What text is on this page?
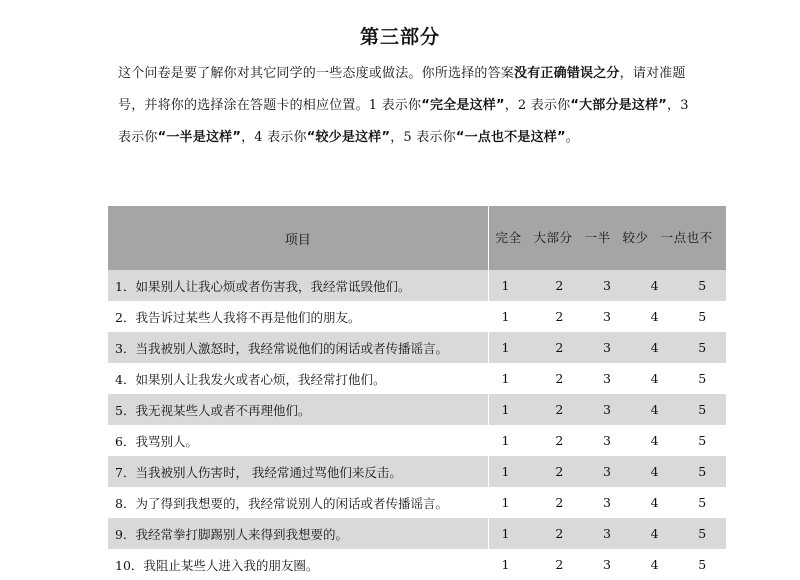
第三部分
这个问卷是要了解你对其它同学的一些态度或做法。你所选择的答案没有正确错误之分，请对准题号，并将你的选择涂在答题卡的相应位置。1 表示你“完全是这样”，2 表示你“大部分是这样”，3 表示你“一半是这样”，4 表示你“较少是这样”，5 表示你“一点也不是这样”。
项目	完全 大部分 一半 较少 一点也不				
1．如果别人让我心烦或者伤害我，我经常诋毁他们。	1	2	3	4	5
2．我告诉过某些人我将不再是他们的朋友。	1	2	3	4	5
3．当我被别人激怒时，我经常说他们的闲话或者传播谣言。	1	2	3	4	5
4．如果别人让我发火或者心烦，我经常打他们。	1	2	3	4	5
5．我无视某些人或者不再理他们。	1	2	3	4	5
6．我骂别人。	1	2	3	4	5
7．当我被别人伤害时， 我经常通过骂他们来反击。	1	2	3	4	5
8．为了得到我想要的，我经常说别人的闲话或者传播谣言。	1	2	3	4	5
9．我经常拳打脚踢别人来得到我想要的。	1	2	3	4	5
10．我阻止某些人进入我的朋友圈。	1	2	3	4	5
